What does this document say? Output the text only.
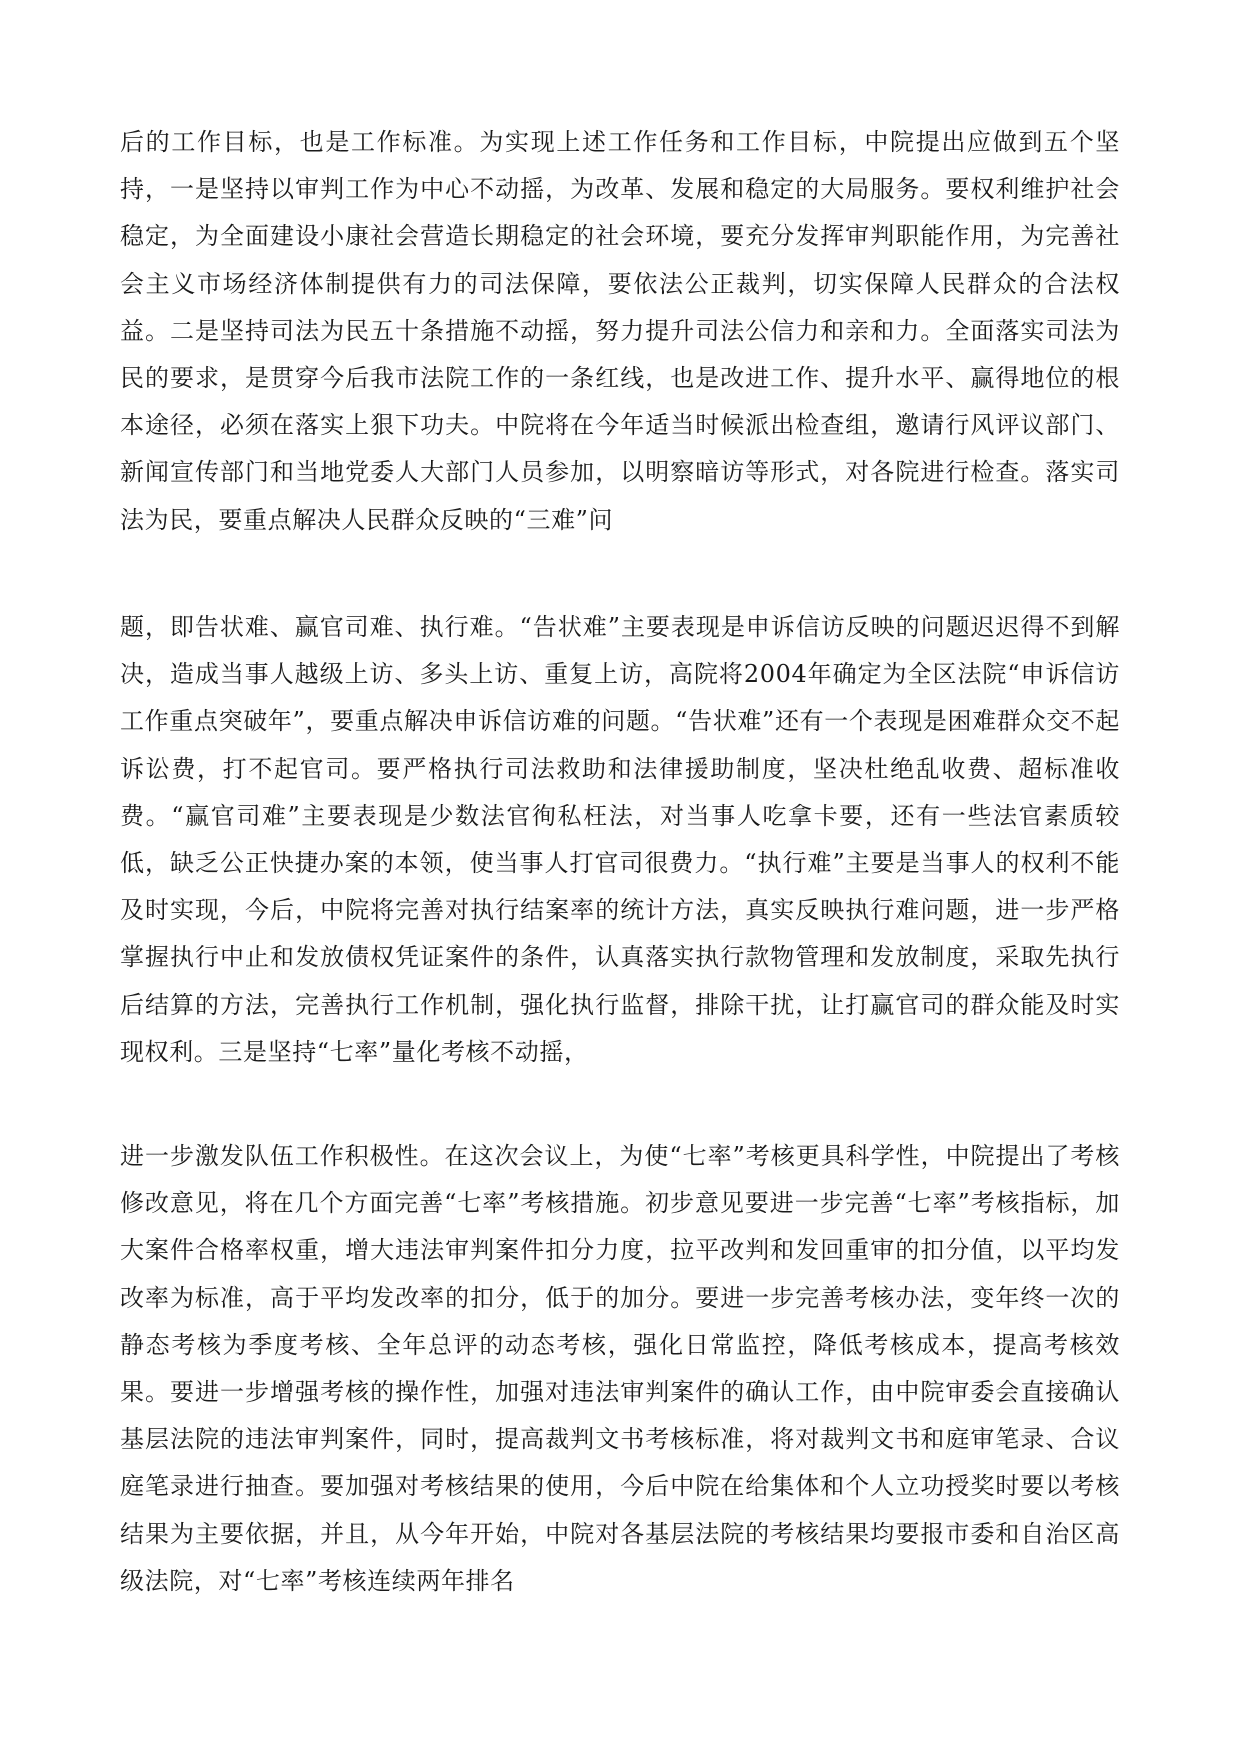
后的工作目标，也是工作标准。为实现上述工作任务和工作目标，中院提出应做到五个坚持，一是坚持以审判工作为中心不动摇，为改革、发展和稳定的大局服务。要权利维护社会稳定，为全面建设小康社会营造长期稳定的社会环境，要充分发挥审判职能作用，为完善社会主义市场经济体制提供有力的司法保障，要依法公正裁判，切实保障人民群众的合法权益。二是坚持司法为民五十条措施不动摇，努力提升司法公信力和亲和力。全面落实司法为民的要求，是贯穿今后我市法院工作的一条红线，也是改进工作、提升水平、赢得地位的根本途径，必须在落实上狠下功夫。中院将在今年适当时候派出检查组，邀请行风评议部门、新闻宣传部门和当地党委人大部门人员参加，以明察暗访等形式，对各院进行检查。落实司法为民，要重点解决人民群众反映的“三难”问

题，即告状难、赢官司难、执行难。“告状难”主要表现是申诉信访反映的问题迟迟得不到解决，造成当事人越级上访、多头上访、重复上访，高院将2004年确定为全区法院“申诉信访工作重点突破年”，要重点解决申诉信访难的问题。“告状难”还有一个表现是困难群众交不起诉讼费，打不起官司。要严格执行司法救助和法律援助制度，坚决杜绝乱收费、超标准收费。“赢官司难”主要表现是少数法官徇私枉法，对当事人吃拿卡要，还有一些法官素质较低，缺乏公正快捷办案的本领，使当事人打官司很费力。“执行难”主要是当事人的权利不能及时实现，今后，中院将完善对执行结案率的统计方法，真实反映执行难问题，进一步严格掌握执行中止和发放债权凭证案件的条件，认真落实执行款物管理和发放制度，采取先执行后结算的方法，完善执行工作机制，强化执行监督，排除干扰，让打赢官司的群众能及时实现权利。三是坚持“七率”量化考核不动摇，

进一步激发队伍工作积极性。在这次会议上，为使“七率”考核更具科学性，中院提出了考核修改意见，将在几个方面完善“七率”考核措施。初步意见要进一步完善“七率”考核指标，加大案件合格率权重，增大违法审判案件扣分力度，拉平改判和发回重审的扣分值，以平均发改率为标准，高于平均发改率的扣分，低于的加分。要进一步完善考核办法，变年终一次的静态考核为季度考核、全年总评的动态考核，强化日常监控，降低考核成本，提高考核效果。要进一步增强考核的操作性，加强对违法审判案件的确认工作，由中院审委会直接确认基层法院的违法审判案件，同时，提高裁判文书考核标准，将对裁判文书和庭审笔录、合议庭笔录进行抽查。要加强对考核结果的使用，今后中院在给集体和个人立功授奖时要以考核结果为主要依据，并且，从今年开始，中院对各基层法院的考核结果均要报市委和自治区高级法院，对“七率”考核连续两年排名
